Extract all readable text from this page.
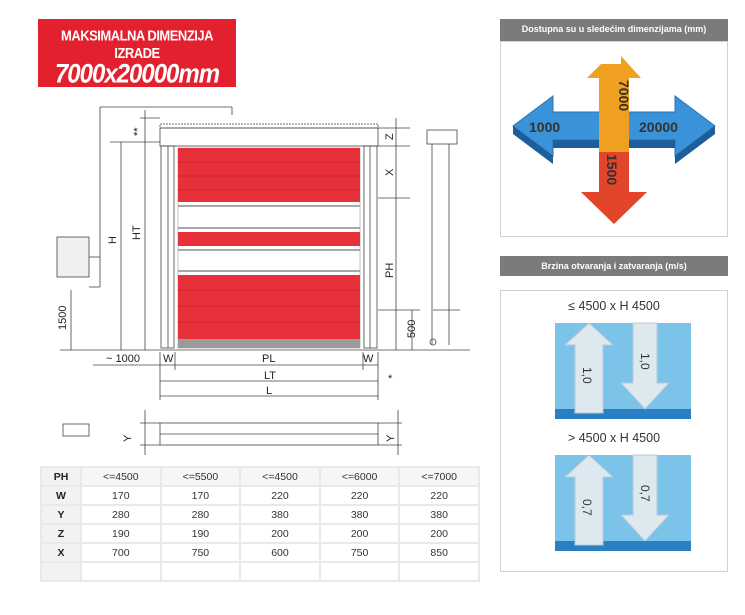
MAKSIMALNA DIMENZIJA IZRADE
7000x20000mm
H
HT
1500
**
~ 1000 W	W
PL
LT	*
L
Z
X
PH
500
Y	Y
PH	<=4500	<=5500	<=4500	<=6000	<=7000
W	170	170	220	220	220
Y	280	280	380	380	380
Z	190	190	200	200	200
X	700	750	600	750	850

Dostupna su u sledećim dimenzijama (mm)
7000
1500
1000	20000
Brzina otvaranja i zatvaranja (m/s)
≤ 4500 x H 4500
1,0
1,0
> 4500 x H 4500
0,7
0,7
